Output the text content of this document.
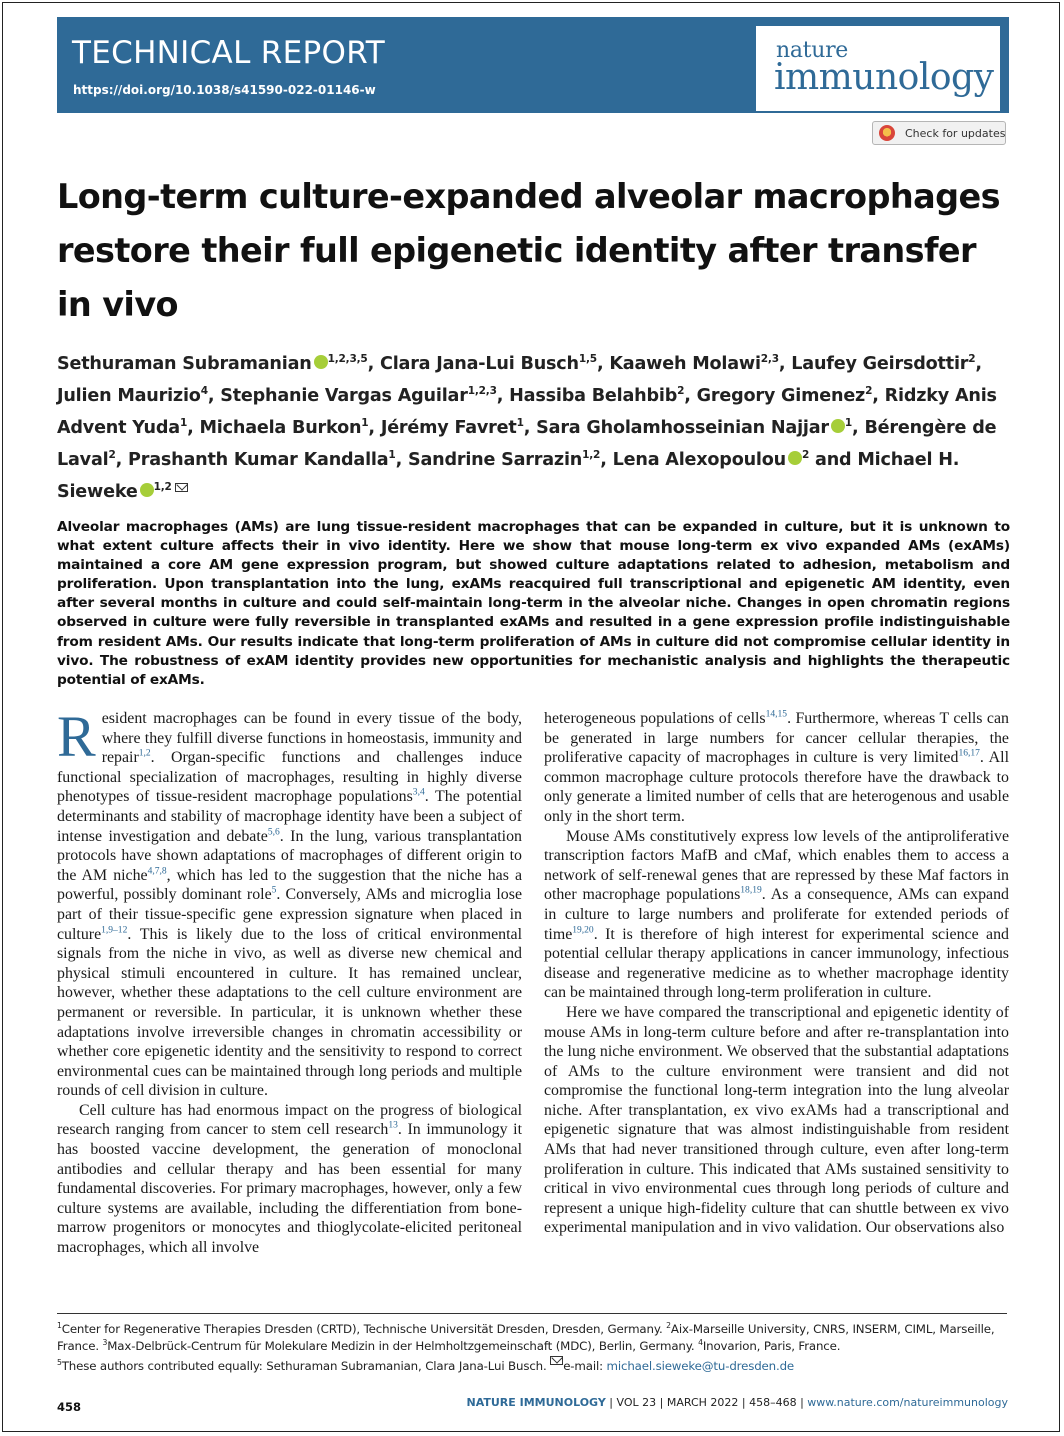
TECHNICAL REPORT
https://doi.org/10.1038/s41590-022-01146-w
nature
immunology
Check for updates
Long-term culture-expanded alveolar macrophages restore their full epigenetic identity after transfer in vivo
Sethuraman Subramanian iD $^{1,2,3,5}$, Clara Jana-Lui Busch$^{1,5}$, Kaaweh Molawi$^{2,3}$, Laufey Geirsdottir$^2$, Julien Maurizio$^4$, Stephanie Vargas Aguilar$^{1,2,3}$, Hassiba Belahbib$^2$, Gregory Gimenez$^2$, Ridzky Anis Advent Yuda$^1$, Michaela Burkon$^1$, Jérémy Favret$^1$, Sara Gholamhosseinian Najjar iD $^1$, Bérengère de Laval$^2$, Prashanth Kumar Kandalla$^1$, Sandrine Sarrazin$^{1,2}$, Lena Alexopoulou iD $^2$ and Michael H. Sieweke iD $^{1,2}$
Alveolar macrophages (AMs) are lung tissue-resident macrophages that can be expanded in culture, but it is unknown to what extent culture affects their in vivo identity. Here we show that mouse long-term ex vivo expanded AMs (exAMs) maintained a core AM gene expression program, but showed culture adaptations related to adhesion, metabolism and proliferation. Upon transplantation into the lung, exAMs reacquired full transcriptional and epigenetic AM identity, even after several months in culture and could self-maintain long-term in the alveolar niche. Changes in open chromatin regions observed in culture were fully reversible in transplanted exAMs and resulted in a gene expression profile indistinguishable from resident AMs. Our results indicate that long-term proliferation of AMs in culture did not compromise cellular identity in vivo. The robustness of exAM identity provides new opportunities for mechanistic analysis and highlights the therapeutic potential of exAMs.

Resident macrophages can be found in every tissue of the body, where they fulfill diverse functions in homeostasis, immunity and repair$^{1,2}$. Organ-specific functions and challenges induce functional specialization of macrophages, resulting in highly diverse phenotypes of tissue-resident macrophage populations$^{3,4}$. The potential determinants and stability of macrophage identity have been a subject of intense investigation and debate$^{5,6}$. In the lung, various transplantation protocols have shown adaptations of macrophages of different origin to the AM niche$^{4,7,8}$, which has led to the suggestion that the niche has a powerful, possibly dominant role$^5$. Conversely, AMs and microglia lose part of their tissue-specific gene expression signature when placed in culture$^{1,9-12}$. This is likely due to the loss of critical environmental signals from the niche in vivo, as well as diverse new chemical and physical stimuli encountered in culture. It has remained unclear, however, whether these adaptations to the cell culture environment are permanent or reversible. In particular, it is unknown whether these adaptations involve irreversible changes in chromatin accessibility or whether core epigenetic identity and the sensitivity to respond to correct environmental cues can be maintained through long periods and multiple rounds of cell division in culture.

Cell culture has had enormous impact on the progress of biological research ranging from cancer to stem cell research$^{13}$. In immunology it has boosted vaccine development, the generation of monoclonal antibodies and cellular therapy and has been essential for many fundamental discoveries. For primary macrophages, however, only a few culture systems are available, including the differentiation from bone-marrow progenitors or monocytes and thioglycolate-elicited peritoneal macrophages, which all involve

heterogeneous populations of cells$^{14,15}$. Furthermore, whereas T cells can be generated in large numbers for cancer cellular therapies, the proliferative capacity of macrophages in culture is very limited$^{16,17}$. All common macrophage culture protocols therefore have the drawback to only generate a limited number of cells that are heterogenous and usable only in the short term.

Mouse AMs constitutively express low levels of the antiproliferative transcription factors MafB and cMaf, which enables them to access a network of self-renewal genes that are repressed by these Maf factors in other macrophage populations$^{18,19}$. As a consequence, AMs can expand in culture to large numbers and proliferate for extended periods of time$^{19,20}$. It is therefore of high interest for experimental science and potential cellular therapy applications in cancer immunology, infectious disease and regenerative medicine as to whether macrophage identity can be maintained through long-term proliferation in culture.

Here we have compared the transcriptional and epigenetic identity of mouse AMs in long-term culture before and after re-transplantation into the lung niche environment. We observed that the substantial adaptations of AMs to the culture environment were transient and did not compromise the functional long-term integration into the lung alveolar niche. After transplantation, ex vivo exAMs had a transcriptional and epigenetic signature that was almost indistinguishable from resident AMs that had never transitioned through culture, even after long-term proliferation in culture. This indicated that AMs sustained sensitivity to critical in vivo environmental cues through long periods of culture and represent a unique high-fidelity culture that can shuttle between ex vivo experimental manipulation and in vivo validation. Our observations also

$^1$Center for Regenerative Therapies Dresden (CRTD), Technische Universität Dresden, Dresden, Germany. $^2$Aix-Marseille University, CNRS, INSERM, CIML, Marseille, France. $^3$Max-Delbrück-Centrum für Molekulare Medizin in der Helmholtzgemeinschaft (MDC), Berlin, Germany. $^4$Inovarion, Paris, France.
$^5$These authors contributed equally: Sethuraman Subramanian, Clara Jana-Lui Busch. e-mail: michael.sieweke@tu-dresden.de
458	NATURE IMMUNOLOGY | VOL 23 | MARCH 2022 | 458–468 | www.nature.com/natureimmunology
